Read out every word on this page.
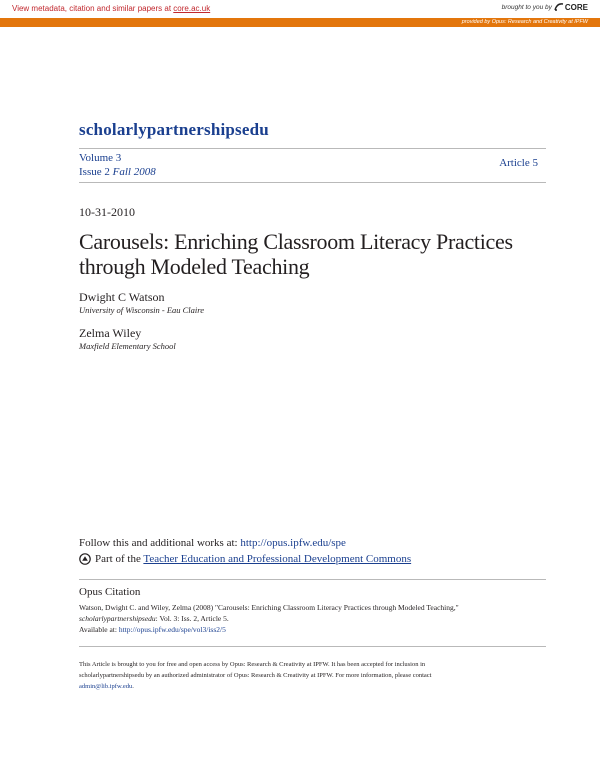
View metadata, citation and similar papers at core.ac.uk	brought to you by CORE
provided by Opus: Research and Creativity at IPFW
scholarlypartnershipsedu
Volume 3
Issue 2 Fall 2008
Article 5
10-31-2010
Carousels: Enriching Classroom Literacy Practices through Modeled Teaching
Dwight C Watson
University of Wisconsin - Eau Claire
Zelma Wiley
Maxfield Elementary School
Follow this and additional works at: http://opus.ipfw.edu/spe
Part of the Teacher Education and Professional Development Commons
Opus Citation
Watson, Dwight C. and Wiley, Zelma (2008) "Carousels: Enriching Classroom Literacy Practices through Modeled Teaching,"
scholarlypartnershipsedu: Vol. 3: Iss. 2, Article 5.
Available at: http://opus.ipfw.edu/spe/vol3/iss2/5
This Article is brought to you for free and open access by Opus: Research & Creativity at IPFW. It has been accepted for inclusion in
scholarlypartnershipsedu by an authorized administrator of Opus: Research & Creativity at IPFW. For more information, please contact
admin@lib.ipfw.edu.
